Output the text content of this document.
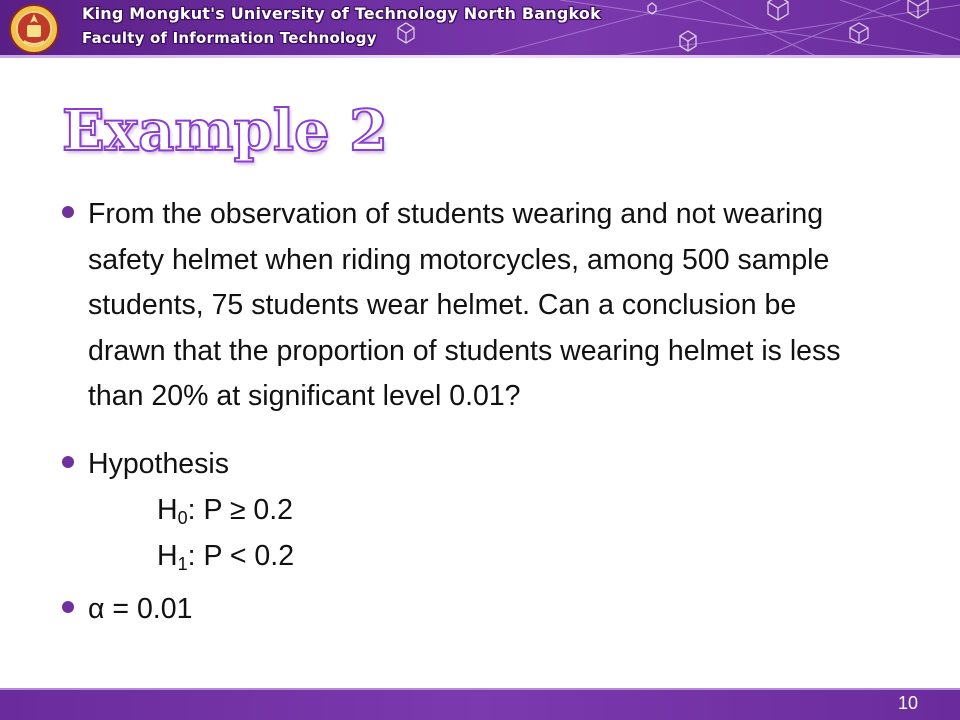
King Mongkut's University of Technology North Bangkok
Faculty of Information Technology
Example 2
From the observation of students wearing and not wearing safety helmet when riding motorcycles, among 500 sample students, 75 students wear helmet. Can a conclusion be drawn that the proportion of students wearing helmet is less than 20% at significant level 0.01?
Hypothesis
$H_0$: P ≥ 0.2
$H_1$: P < 0.2
α = 0.01
10
